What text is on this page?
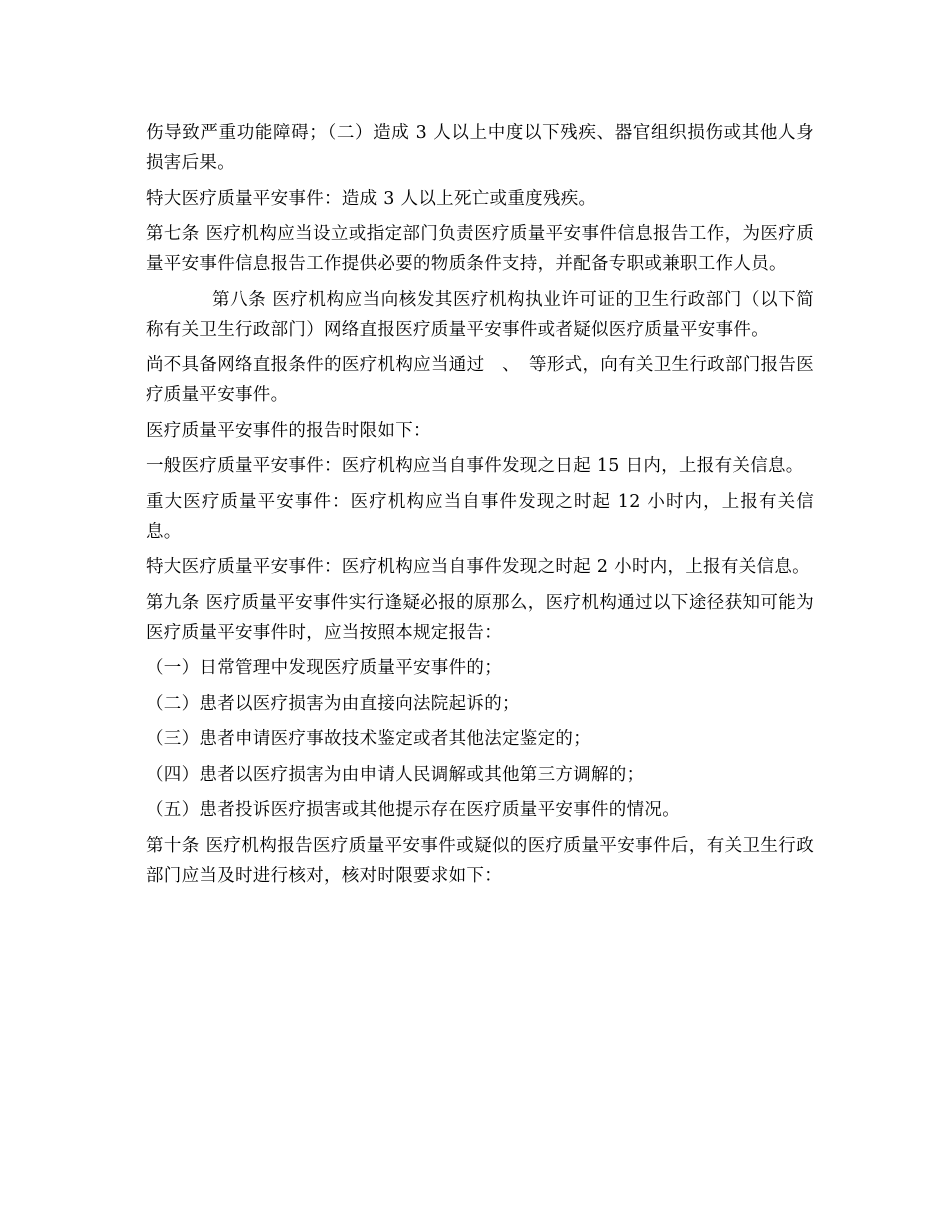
伤导致严重功能障碍；（二）造成 3 人以上中度以下残疾、器官组织损伤或其他人身损害后果。

特大医疗质量平安事件：造成 3 人以上死亡或重度残疾。

第七条 医疗机构应当设立或指定部门负责医疗质量平安事件信息报告工作，为医疗质量平安事件信息报告工作提供必要的物质条件支持，并配备专职或兼职工作人员。

第八条 医疗机构应当向核发其医疗机构执业许可证的卫生行政部门（以下简称有关卫生行政部门）网络直报医疗质量平安事件或者疑似医疗质量平安事件。

尚不具备网络直报条件的医疗机构应当通过　、　等形式，向有关卫生行政部门报告医疗质量平安事件。

医疗质量平安事件的报告时限如下：

一般医疗质量平安事件：医疗机构应当自事件发现之日起 15 日内，上报有关信息。

重大医疗质量平安事件：医疗机构应当自事件发现之时起 12 小时内，上报有关信息。

特大医疗质量平安事件：医疗机构应当自事件发现之时起 2 小时内，上报有关信息。

第九条 医疗质量平安事件实行逢疑必报的原那么，医疗机构通过以下途径获知可能为医疗质量平安事件时，应当按照本规定报告：

（一）日常管理中发现医疗质量平安事件的；

（二）患者以医疗损害为由直接向法院起诉的；

（三）患者申请医疗事故技术鉴定或者其他法定鉴定的；

（四）患者以医疗损害为由申请人民调解或其他第三方调解的；

（五）患者投诉医疗损害或其他提示存在医疗质量平安事件的情况。

第十条 医疗机构报告医疗质量平安事件或疑似的医疗质量平安事件后，有关卫生行政部门应当及时进行核对，核对时限要求如下：
